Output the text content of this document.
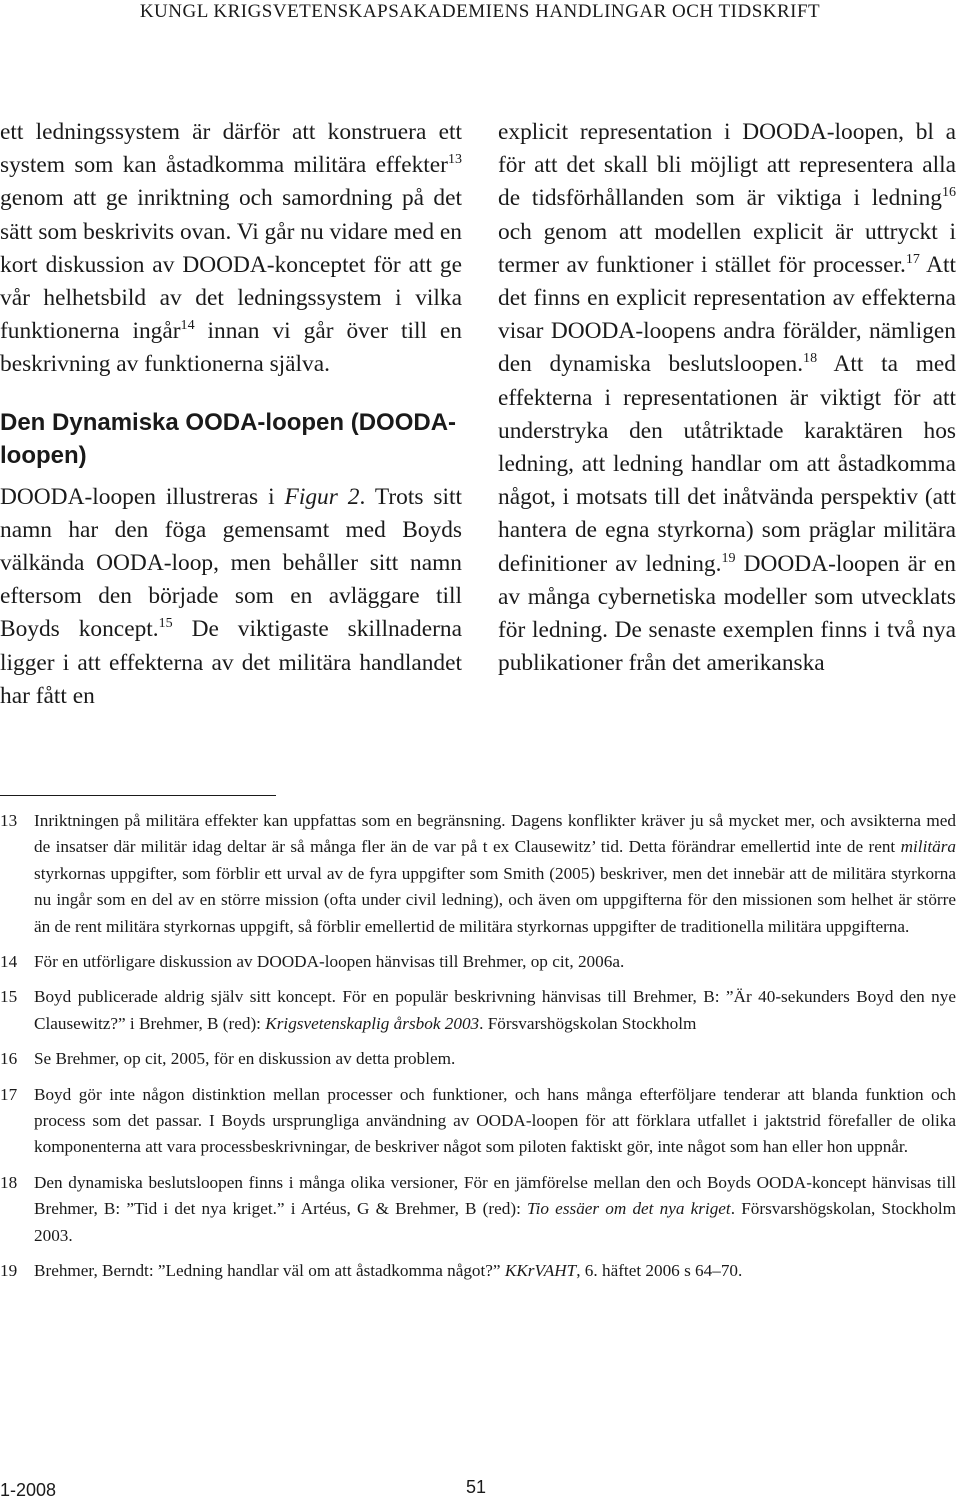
KUNGL KRIGSVETENSKAPSAKADEMIENS HANDLINGAR OCH TIDSKRIFT

ett ledningssystem är därför att konstruera ett system som kan åstadkomma militära effekter$^{13}$ genom att ge inriktning och samordning på det sätt som beskrivits ovan. Vi går nu vidare med en kort diskussion av DOODA-konceptet för att ge vår helhetsbild av det ledningssystem i vilka funktionerna ingår$^{14}$ innan vi går över till en beskrivning av funktionerna själva.

Den Dynamiska OODA-loopen (DOODA-loopen)

DOODA-loopen illustreras i Figur 2. Trots sitt namn har den föga gemensamt med Boyds välkända OODA-loop, men behåller sitt namn eftersom den började som en avläggare till Boyds koncept.$^{15}$ De viktigaste skillnaderna ligger i att effekterna av det militära handlandet har fått en

explicit representation i DOODA-loopen, bl a för att det skall bli möjligt att representera alla de tidsförhållanden som är viktiga i ledning$^{16}$ och genom att modellen explicit är uttryckt i termer av funktioner i stället för processer.$^{17}$ Att det finns en explicit representation av effekterna visar DOODA-loopens andra förälder, nämligen den dynamiska beslutsloopen.$^{18}$ Att ta med effekterna i representationen är viktigt för att understryka den utåtriktade karaktären hos ledning, att ledning handlar om att åstadkomma något, i motsats till det inåtvända perspektiv (att hantera de egna styrkorna) som präglar militära definitioner av ledning.$^{19}$ DOODA-loopen är en av många cybernetiska modeller som utvecklats för ledning. De senaste exemplen finns i två nya publikationer från det amerikanska

13 Inriktningen på militära effekter kan uppfattas som en begränsning. Dagens konflikter kräver ju så mycket mer, och avsikterna med de insatser där militär idag deltar är så många fler än de var på t ex Clausewitz’ tid. Detta förändrar emellertid inte de rent militära styrkornas uppgifter, som förblir ett urval av de fyra uppgifter som Smith (2005) beskriver, men det innebär att de militära styrkorna nu ingår som en del av en större mission (ofta under civil ledning), och även om uppgifterna för den missionen som helhet är större än de rent militära styrkornas uppgift, så förblir emellertid de militära styrkornas uppgifter de traditionella militära uppgifterna.
14 För en utförligare diskussion av DOODA-loopen hänvisas till Brehmer, op cit, 2006a.
15 Boyd publicerade aldrig själv sitt koncept. För en populär beskrivning hänvisas till Brehmer, B: ”Är 40-sekunders Boyd den nye Clausewitz?” i Brehmer, B (red): Krigsvetenskaplig årsbok 2003. Försvarshögskolan Stockholm
16 Se Brehmer, op cit, 2005, för en diskussion av detta problem.
17 Boyd gör inte någon distinktion mellan processer och funktioner, och hans många efterföljare tenderar att blanda funktion och process som det passar. I Boyds ursprungliga användning av OODA-loopen för att förklara utfallet i jaktstrid förefaller de olika komponenterna att vara processbeskrivningar, de beskriver något som piloten faktiskt gör, inte något som han eller hon uppnår.
18 Den dynamiska beslutsloopen finns i många olika versioner, För en jämförelse mellan den och Boyds OODA-koncept hänvisas till Brehmer, B: ”Tid i det nya kriget.” i Artéus, G & Brehmer, B (red): Tio essäer om det nya kriget. Försvarshögskolan, Stockholm 2003.
19 Brehmer, Berndt: ”Ledning handlar väl om att åstadkomma något?” KKrVAHT, 6. häftet 2006 s 64–70.
1-2008	51
